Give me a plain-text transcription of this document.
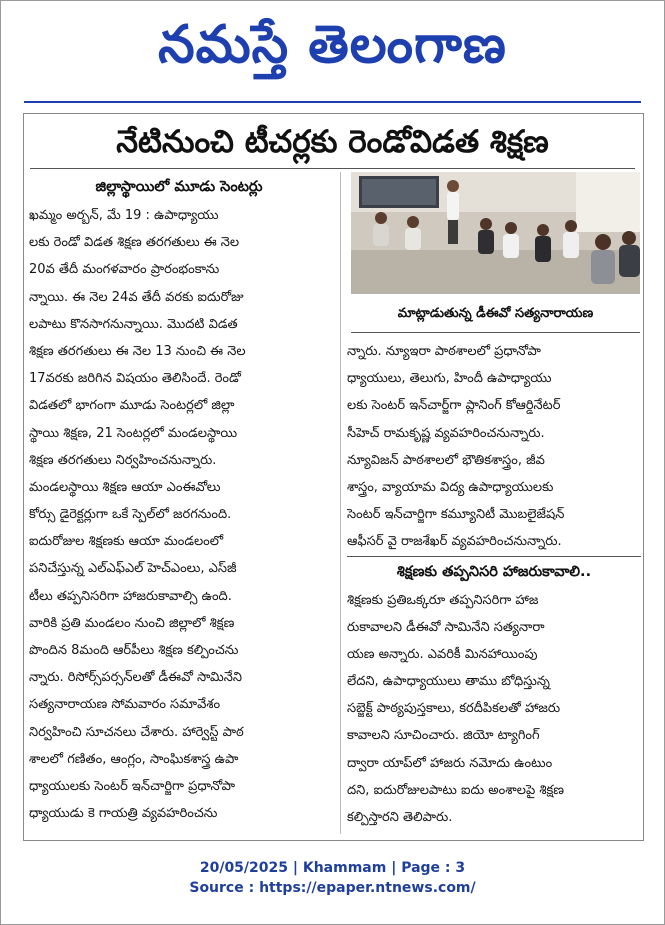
నమస్తే తెలంగాణ
నేటినుంచి టీచర్లకు రెండోవిడత శిక్షణ
జిల్లాస్థాయిలో మూడు సెంటర్లు
ఖమ్మం అర్బన్, మే 19 : ఉపాధ్యాయు
లకు రెండో విడత శిక్షణ తరగతులు ఈ నెల
20వ తేదీ మంగళవారం ప్రారంభంకాను
న్నాయి. ఈ నెల 24వ తేదీ వరకు ఐదురోజు
లపాటు కొనసాగనున్నాయి. మొదటి విడత
శిక్షణ తరగతులు ఈ నెల 13 నుంచి ఈ నెల
17వరకు జరిగిన విషయం తెలిసిందే. రెండో
విడతలో భాగంగా మూడు సెంటర్లలో జిల్లా
స్థాయి శిక్షణ, 21 సెంటర్లలో మండలస్థాయి
శిక్షణ తరగతులు నిర్వహించనున్నారు.
మండలస్థాయి శిక్షణ ఆయా ఎంఈవోలు
కోర్సు డైరెక్టర్లుగా ఒకే స్పెల్‌లో జరగనుంది.
ఐదురోజుల శిక్షణకు ఆయా మండలంలో
పనిచేస్తున్న ఎల్‌ఎఫ్‌ఎల్ హెచ్‌ఎంలు, ఎస్‌జీ
టీలు తప్పనిసరిగా హాజరుకావాల్సి ఉంది.
వారికి ప్రతి మండలం నుంచి జిల్లాలో శిక్షణ
పొందిన 8మంది ఆర్‌పీలు శిక్షణ కల్పించను
న్నారు. రిసోర్స్‌పర్సన్‌లతో డీఈవో సామినేని
సత్యనారాయణ సోమవారం సమావేశం
నిర్వహించి సూచనలు చేశారు. హార్వెస్ట్ పాఠ
శాలలో గణితం, ఆంగ్లం, సాంఘికశాస్త్ర ఉపా
ధ్యాయులకు సెంటర్ ఇన్‌చార్జిగా ప్రధానోపా
ధ్యాయుడు కె గాయత్రి వ్యవహరించను
మాట్లాడుతున్న డీఈవో సత్యనారాయణ
న్నారు. న్యూఇరా పాఠశాలలో ప్రధానోపా
ధ్యాయులు, తెలుగు, హిందీ ఉపాధ్యాయు
లకు సెంటర్ ఇన్‌చార్జ్‌గా ప్లానింగ్ కోఆర్డినేటర్
సీహెచ్ రామకృష్ణ వ్యవహరించనున్నారు.
న్యూవిజన్ పాఠశాలలో భౌతికశాస్త్రం, జీవ
శాస్త్రం, వ్యాయామ విద్య ఉపాధ్యాయులకు
సెంటర్ ఇన్‌చార్జిగా కమ్యూనిటీ మొబలైజేషన్
ఆఫీసర్ వై రాజశేఖర్ వ్యవహరించనున్నారు.
శిక్షణకు తప్పనిసరి హాజరుకావాలి..
శిక్షణకు ప్రతిఒక్కరూ తప్పనిసరిగా హాజ
రుకావాలని డీఈవో సామినేని సత్యనారా
యణ అన్నారు. ఎవరికీ మినహాయింపు
లేదని, ఉపాధ్యాయులు తాము బోధిస్తున్న
సబ్జెక్ట్ పాఠ్యపుస్తకాలు, కరదీపికలతో హాజరు
కావాలని సూచించారు. జియో ట్యాగింగ్
ద్వారా యాప్‌లో హాజరు నమోదు ఉంటుం
దని, ఐదురోజులపాటు ఐదు అంశాలపై శిక్షణ
కల్పిస్తారని తెలిపారు.
20/05/2025 | Khammam | Page : 3
Source : https://epaper.ntnews.com/
